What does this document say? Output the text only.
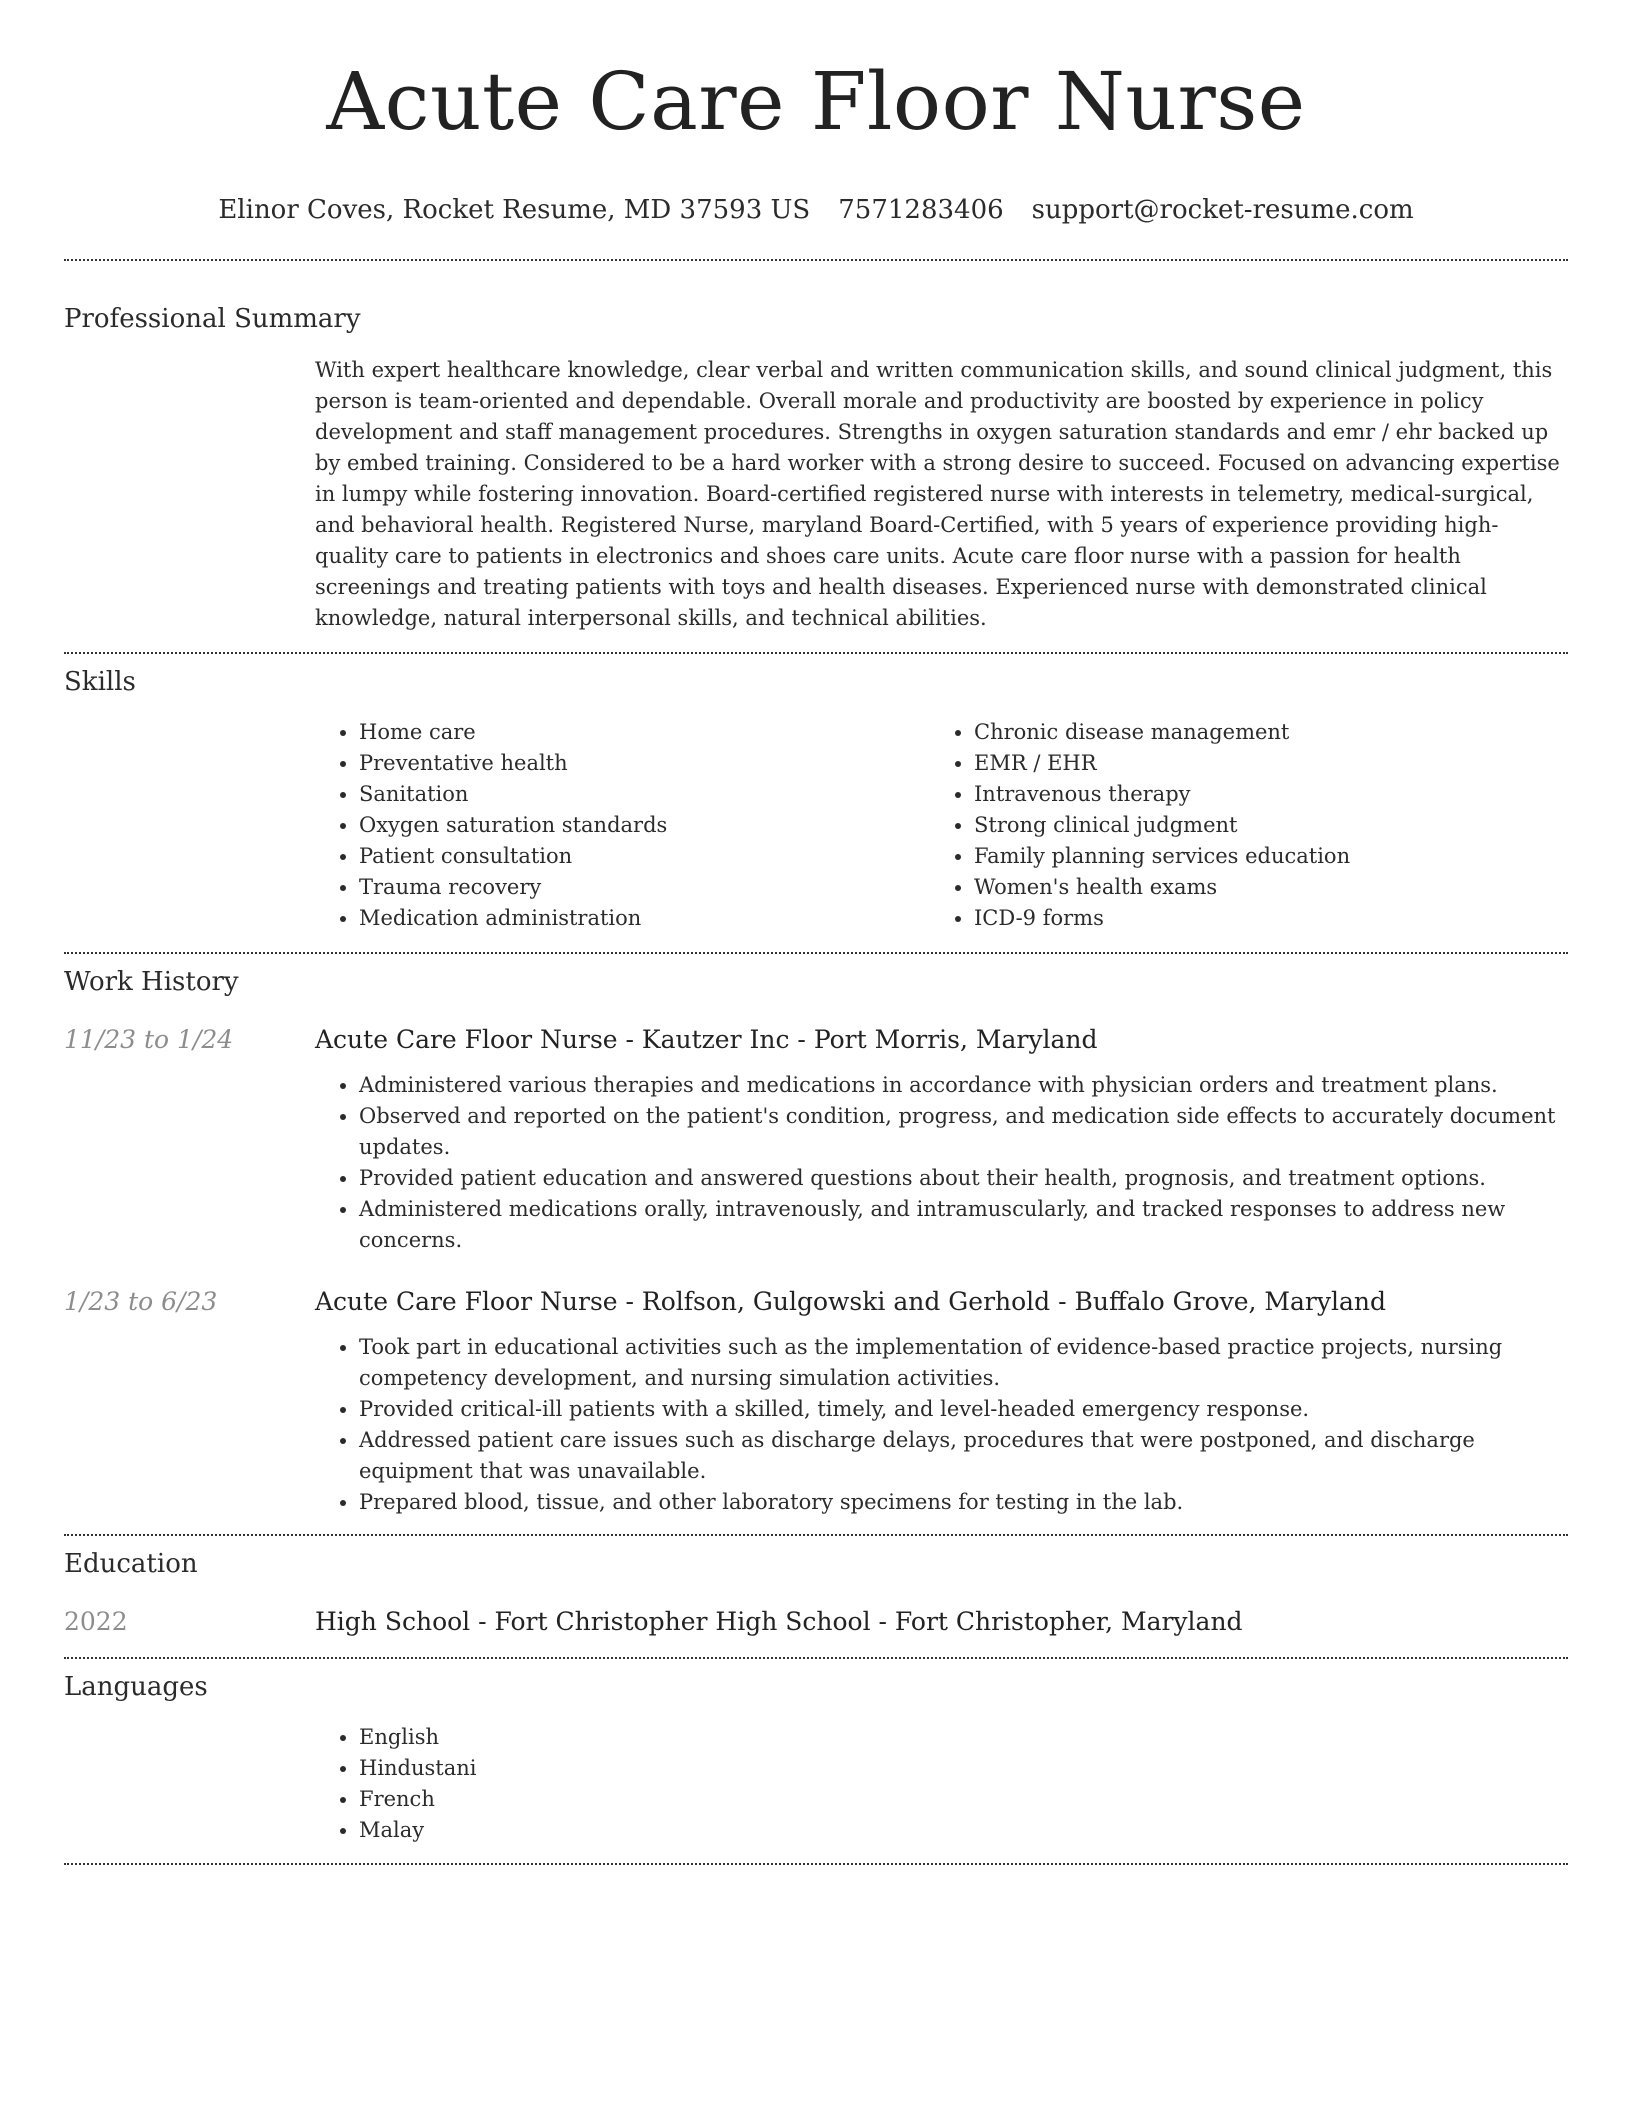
Acute Care Floor Nurse
Elinor Coves, Rocket Resume, MD 37593 US 7571283406 support@rocket-resume.com
Professional Summary

With expert healthcare knowledge, clear verbal and written communication skills, and sound clinical judgment, this person is team-oriented and dependable. Overall morale and productivity are boosted by experience in policy development and staff management procedures. Strengths in oxygen saturation standards and emr / ehr backed up by embed training. Considered to be a hard worker with a strong desire to succeed. Focused on advancing expertise in lumpy while fostering innovation. Board-certified registered nurse with interests in telemetry, medical-surgical, and behavioral health. Registered Nurse, maryland Board-Certified, with 5 years of experience providing high-quality care to patients in electronics and shoes care units. Acute care floor nurse with a passion for health screenings and treating patients with toys and health diseases. Experienced nurse with demonstrated clinical knowledge, natural interpersonal skills, and technical abilities.

Skills
• Home care
• Preventative health
• Sanitation
• Oxygen saturation standards
• Patient consultation
• Trauma recovery
• Medication administration
• Chronic disease management
• EMR / EHR
• Intravenous therapy
• Strong clinical judgment
• Family planning services education
• Women's health exams
• ICD-9 forms
Work History
11/23 to 1/24	Acute Care Floor Nurse - Kautzer Inc - Port Morris, Maryland
• Administered various therapies and medications in accordance with physician orders and treatment plans.
• Observed and reported on the patient's condition, progress, and medication side effects to accurately document updates.
• Provided patient education and answered questions about their health, prognosis, and treatment options.
• Administered medications orally, intravenously, and intramuscularly, and tracked responses to address new concerns.
1/23 to 6/23	Acute Care Floor Nurse - Rolfson, Gulgowski and Gerhold - Buffalo Grove, Maryland
• Took part in educational activities such as the implementation of evidence-based practice projects, nursing competency development, and nursing simulation activities.
• Provided critical-ill patients with a skilled, timely, and level-headed emergency response.
• Addressed patient care issues such as discharge delays, procedures that were postponed, and discharge equipment that was unavailable.
• Prepared blood, tissue, and other laboratory specimens for testing in the lab.
Education
2022	High School - Fort Christopher High School - Fort Christopher, Maryland
Languages
• English
• Hindustani
• French
• Malay
